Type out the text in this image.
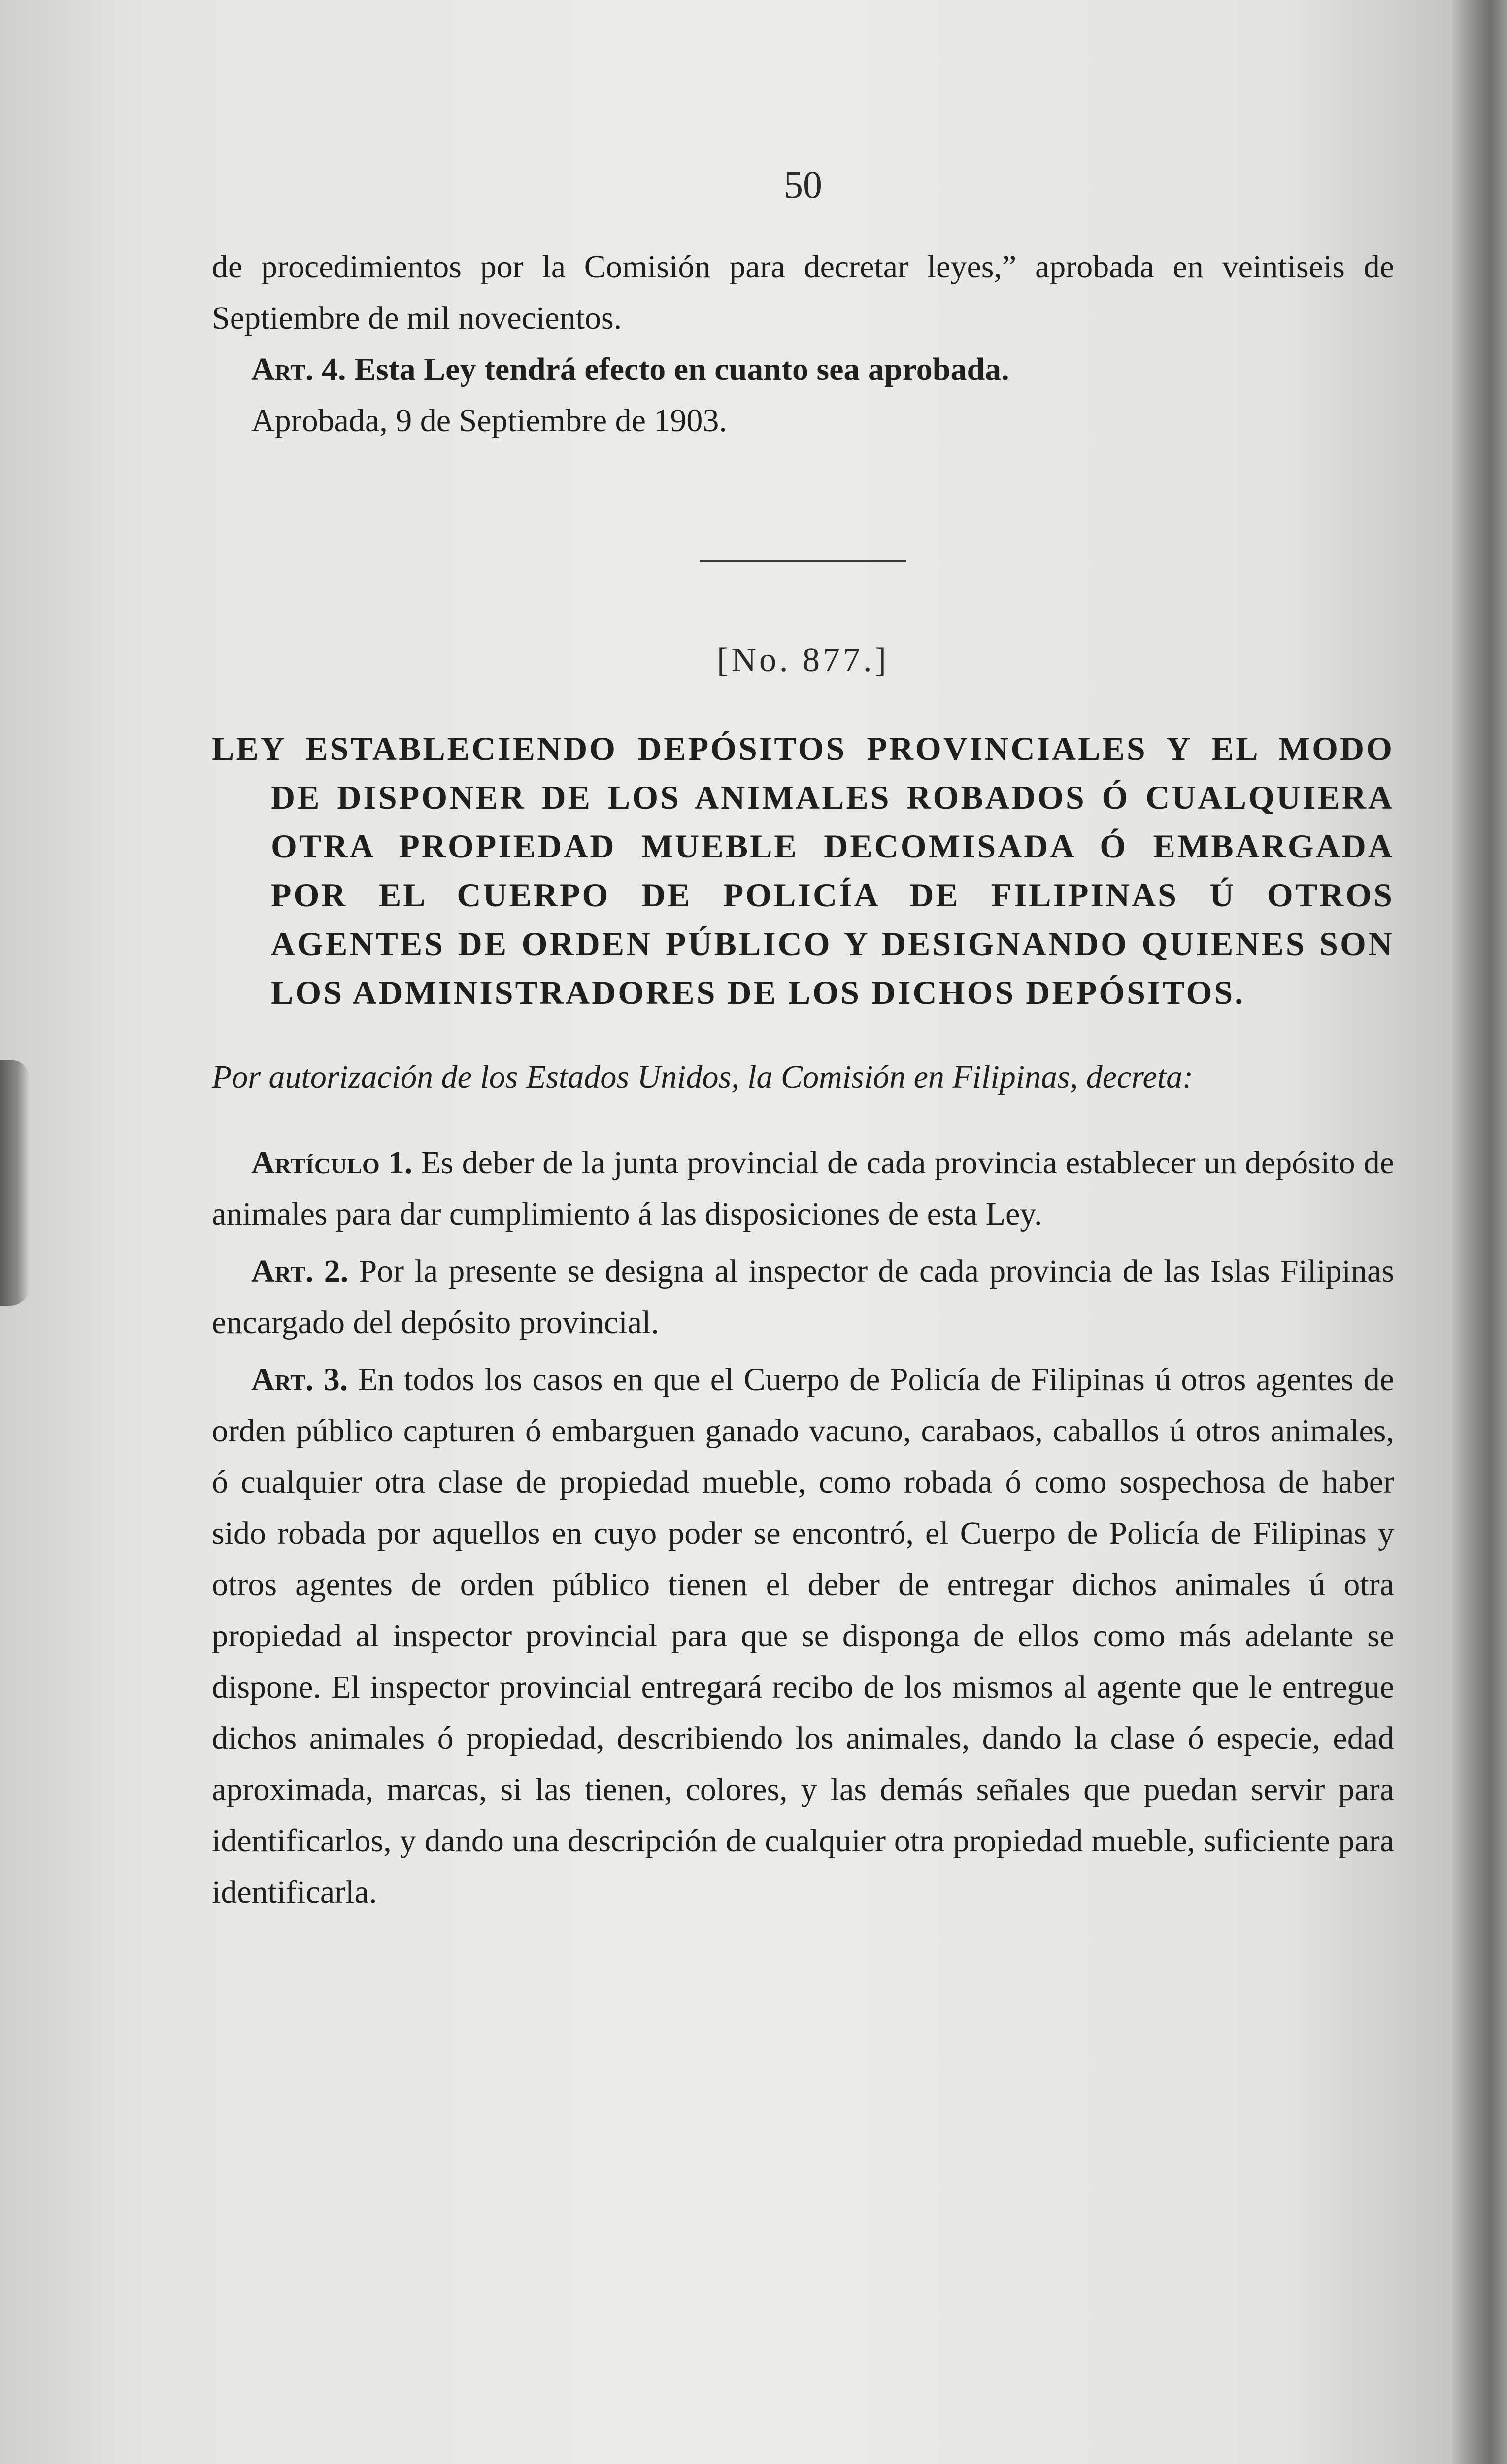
50

de procedimientos por la Comisión para decretar leyes,” aprobada en veintiseis de Septiembre de mil novecientos.

Art. 4. Esta Ley tendrá efecto en cuanto sea aprobada.

Aprobada, 9 de Septiembre de 1903.

[No. 877.]

LEY ESTABLECIENDO DEPÓSITOS PROVINCIALES Y EL MODO DE DISPONER DE LOS ANIMALES ROBADOS Ó CUALQUIERA OTRA PROPIEDAD MUEBLE DECOMISADA Ó EMBARGADA POR EL CUERPO DE POLICÍA DE FILIPINAS Ú OTROS AGENTES DE ORDEN PÚBLICO Y DESIGNANDO QUIENES SON LOS ADMINISTRADORES DE LOS DICHOS DEPÓSITOS.

Por autorización de los Estados Unidos, la Comisión en Filipinas, decreta:

Artículo 1. Es deber de la junta provincial de cada provincia establecer un depósito de animales para dar cumplimiento á las disposiciones de esta Ley.

Art. 2. Por la presente se designa al inspector de cada provincia de las Islas Filipinas encargado del depósito provincial.

Art. 3. En todos los casos en que el Cuerpo de Policía de Filipinas ú otros agentes de orden público capturen ó embarguen ganado vacuno, carabaos, caballos ú otros animales, ó cualquier otra clase de propiedad mueble, como robada ó como sospechosa de haber sido robada por aquellos en cuyo poder se encontró, el Cuerpo de Policía de Filipinas y otros agentes de orden público tienen el deber de entregar dichos animales ú otra propiedad al inspector provincial para que se disponga de ellos como más adelante se dispone. El inspector provincial entregará recibo de los mismos al agente que le entregue dichos animales ó propiedad, describiendo los animales, dando la clase ó especie, edad aproximada, marcas, si las tienen, colores, y las demás señales que puedan servir para identificarlos, y dando una descripción de cualquier otra propiedad mueble, suficiente para identificarla.
